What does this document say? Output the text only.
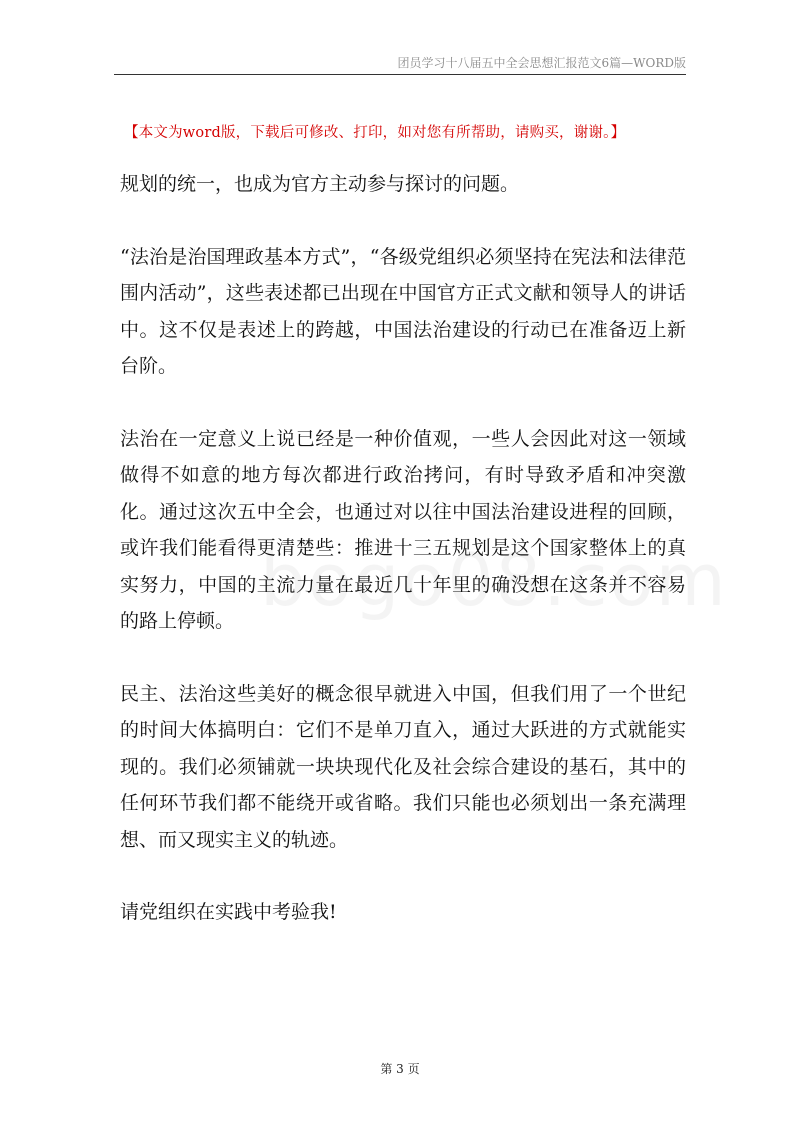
团员学习十八届五中全会思想汇报范文6篇—WORD版
【本文为word版，下载后可修改、打印，如对您有所帮助，请购买，谢谢。】

规划的统一，也成为官方主动参与探讨的问题。

“法治是治国理政基本方式”，“各级党组织必须坚持在宪法和法律范围内活动”，这些表述都已出现在中国官方正式文献和领导人的讲话中。这不仅是表述上的跨越，中国法治建设的行动已在准备迈上新台阶。

法治在一定意义上说已经是一种价值观，一些人会因此对这一领域做得不如意的地方每次都进行政治拷问，有时导致矛盾和冲突激化。通过这次五中全会，也通过对以往中国法治建设进程的回顾，或许我们能看得更清楚些：推进十三五规划是这个国家整体上的真实努力，中国的主流力量在最近几十年里的确没想在这条并不容易的路上停顿。

民主、法治这些美好的概念很早就进入中国，但我们用了一个世纪的时间大体搞明白：它们不是单刀直入，通过大跃进的方式就能实现的。我们必须铺就一块块现代化及社会综合建设的基石，其中的任何环节我们都不能绕开或省略。我们只能也必须划出一条充满理想、而又现实主义的轨迹。

请党组织在实践中考验我!

第 3 页
